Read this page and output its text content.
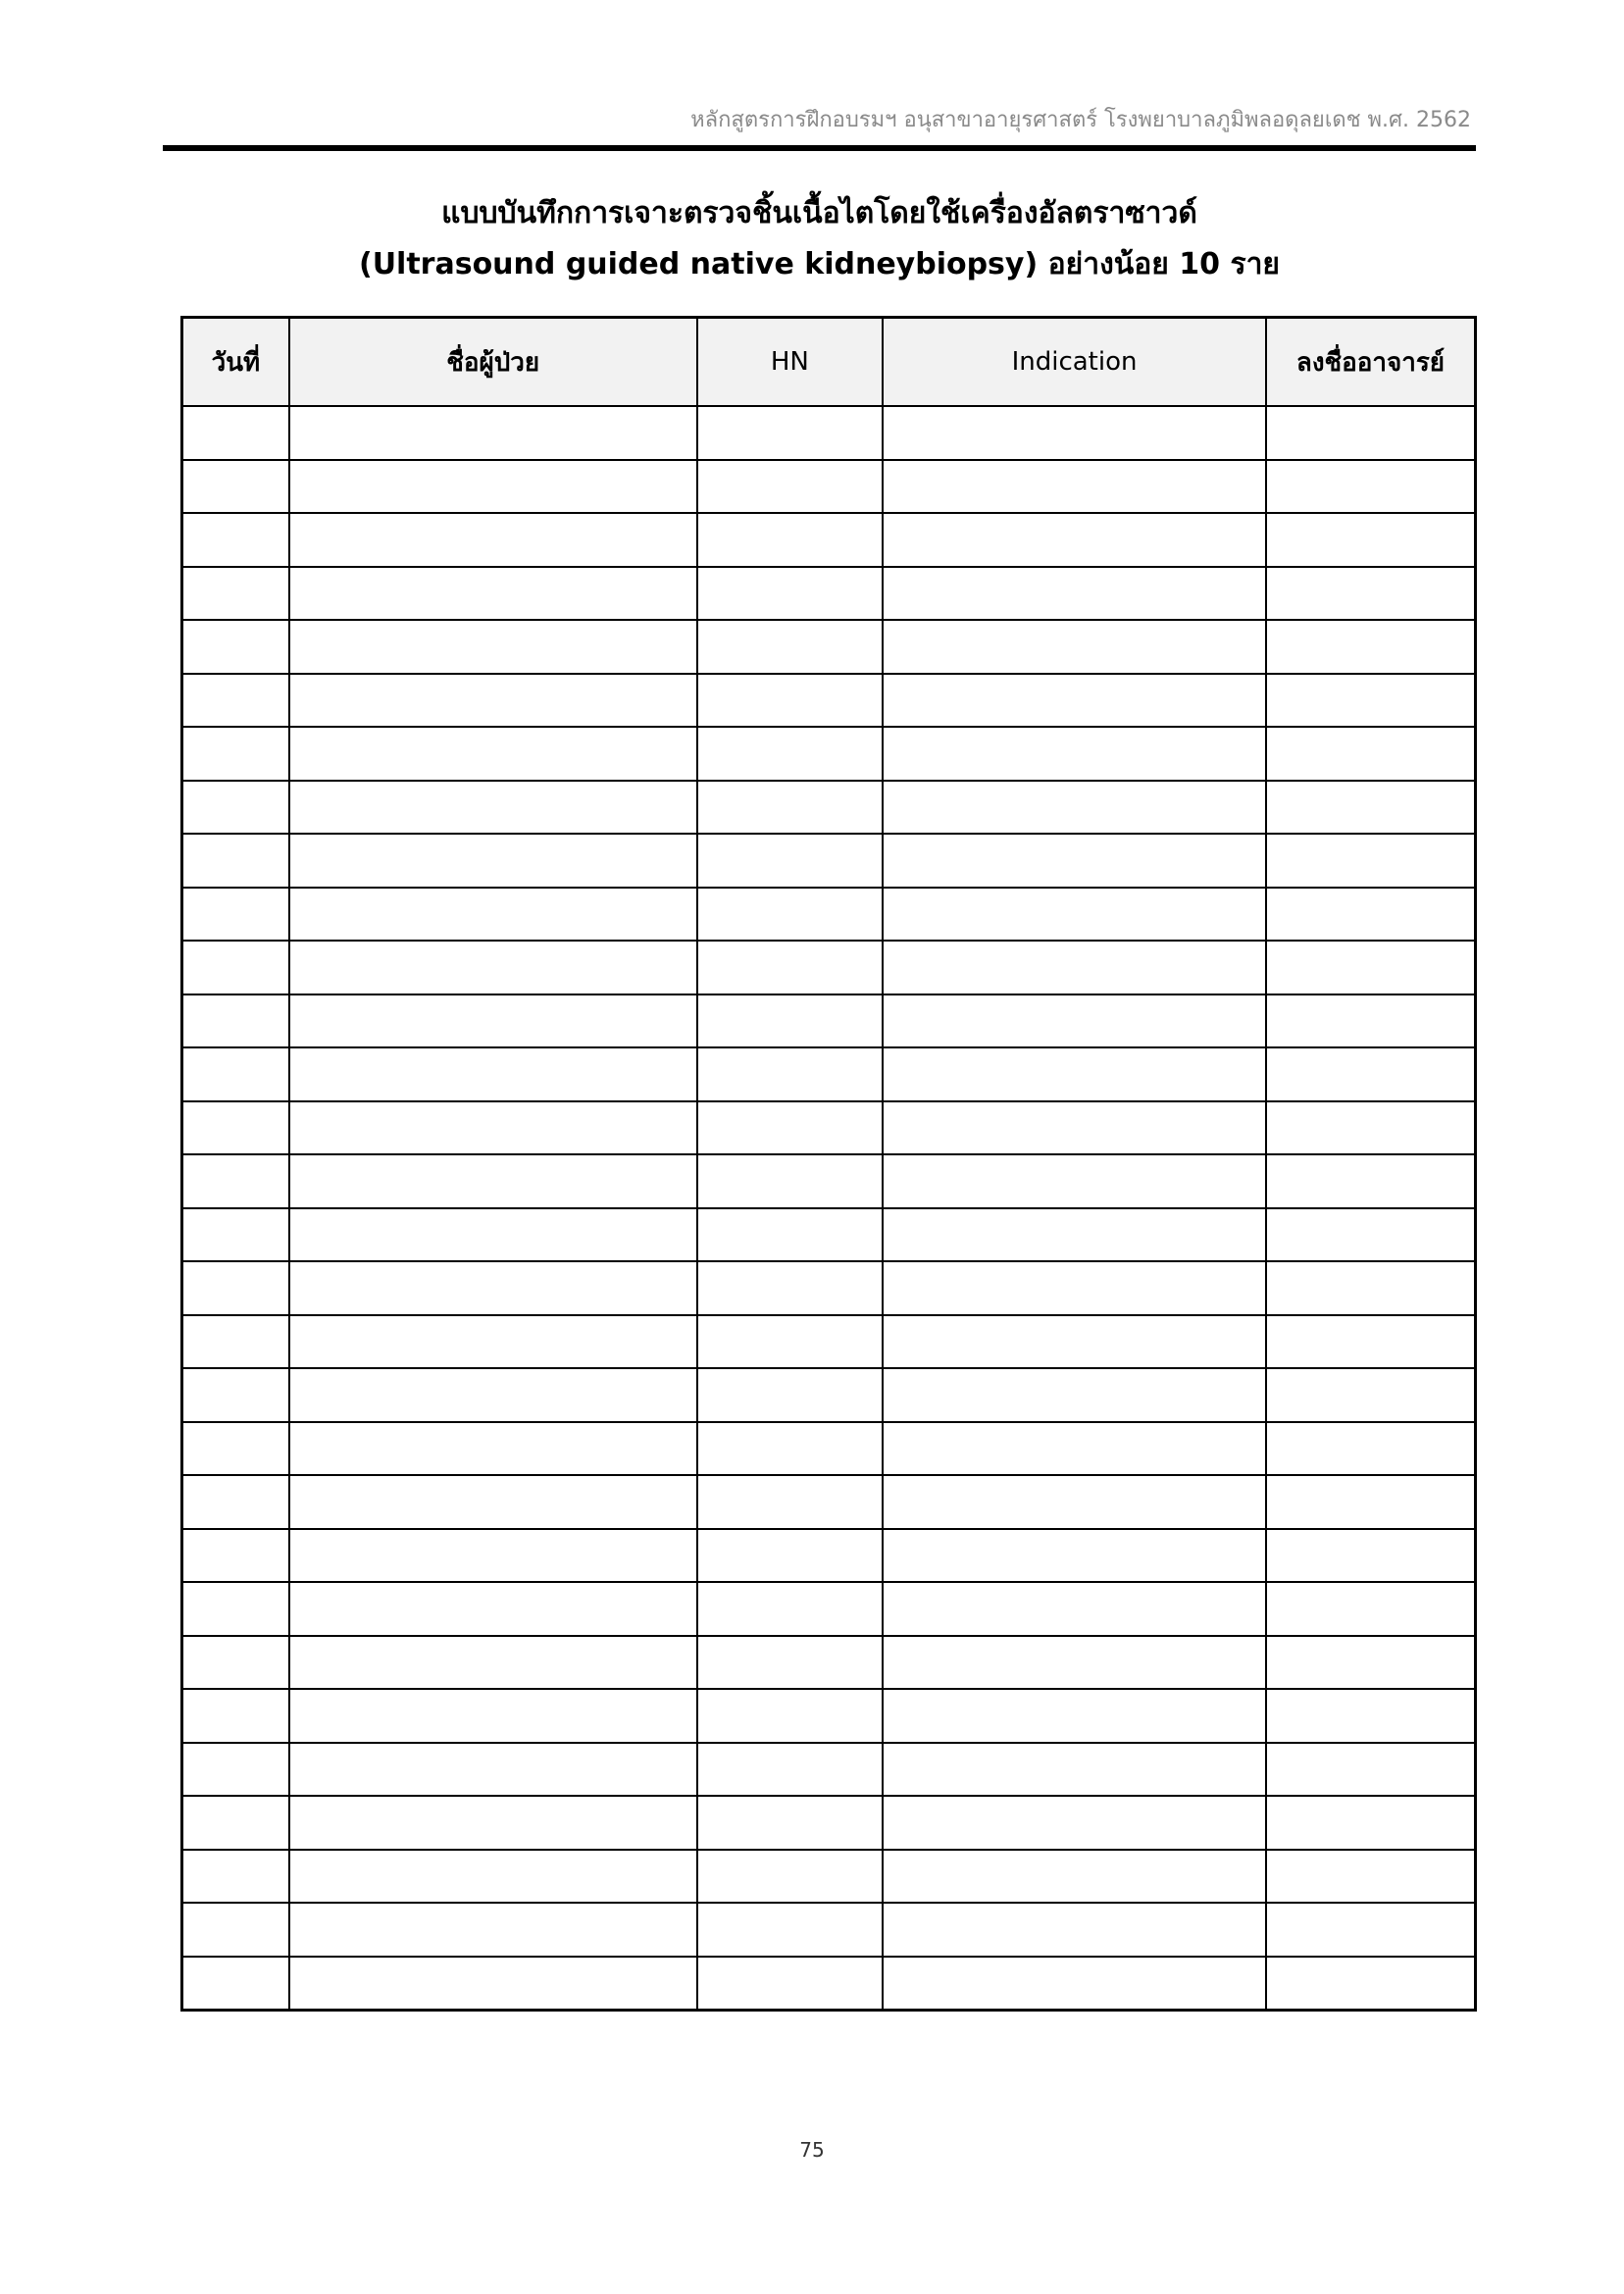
หลักสูตรการฝึกอบรมฯ อนุสาขาอายุรศาสตร์ โรงพยาบาลภูมิพลอดุลยเดช พ.ศ. 2562
แบบบันทึกการเจาะตรวจชิ้นเนื้อไตโดยใช้เครื่องอัลตราซาวด์
(Ultrasound guided native kidneybiopsy) อย่างน้อย 10 ราย
วันที่	ชื่อผู้ป่วย	HN	Indication	ลงชื่ออาจารย์

75
